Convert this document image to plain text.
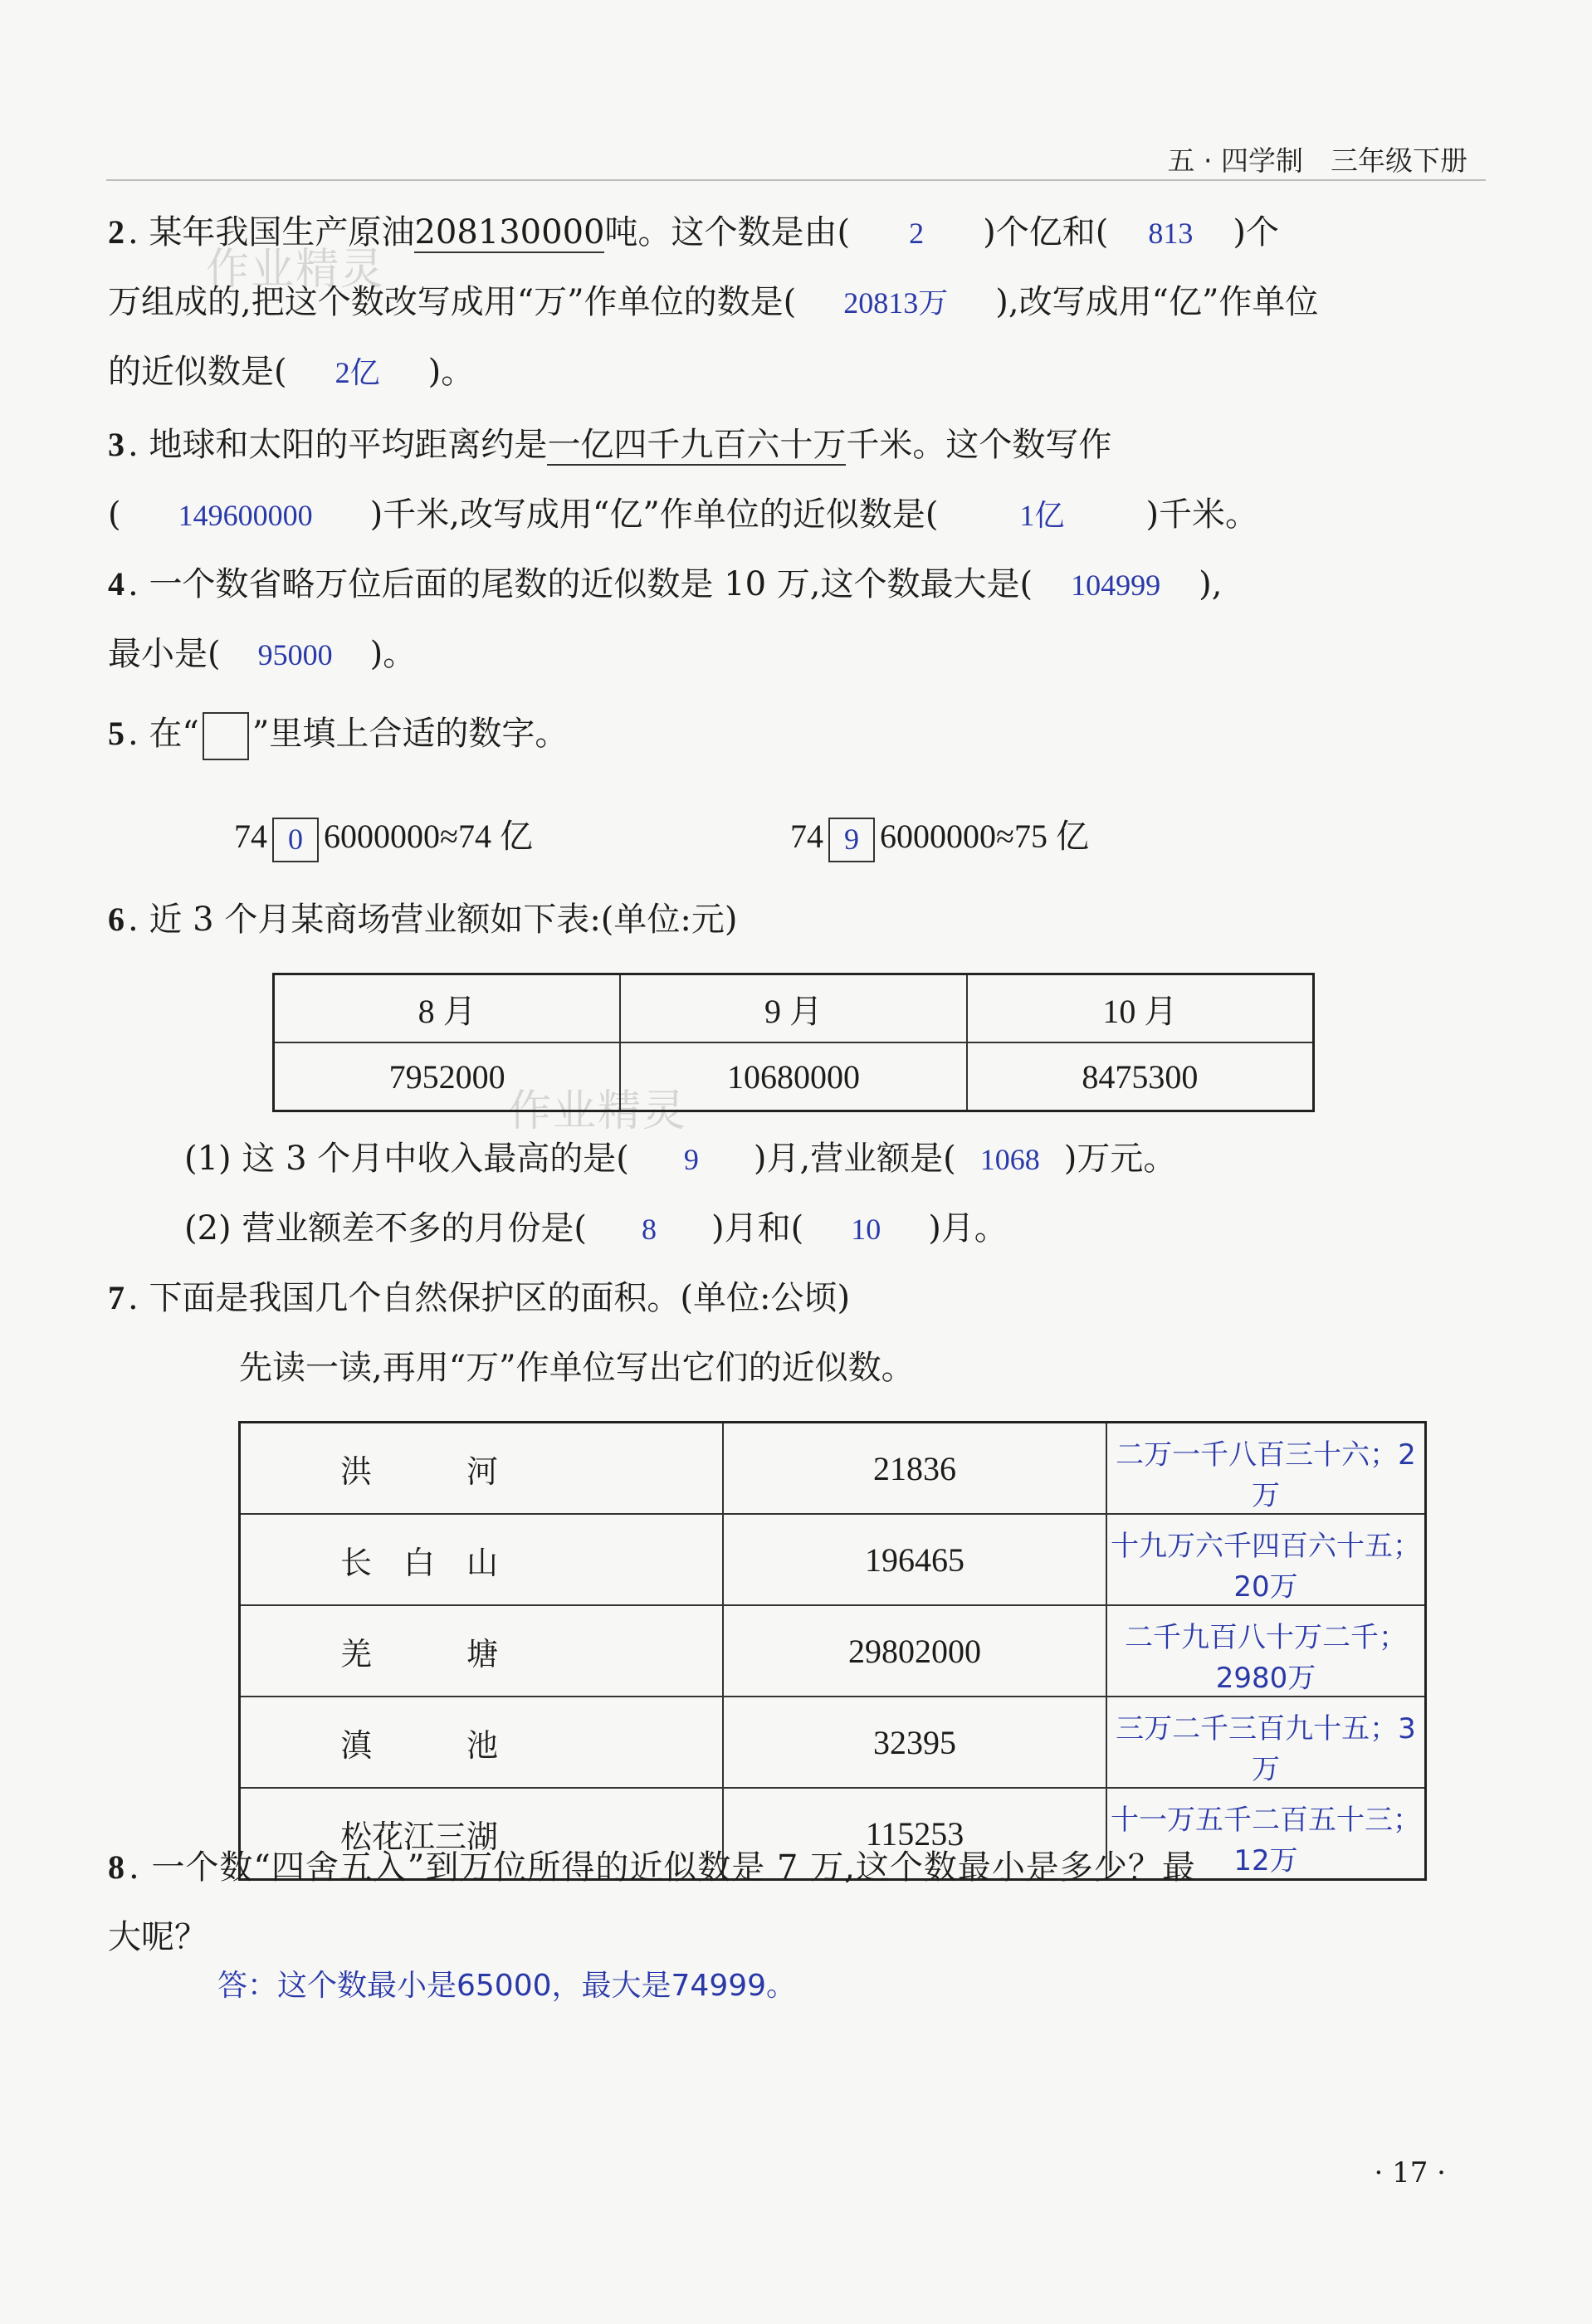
五 · 四学制　三年级下册
作业精灵
作业精灵
2 . 某年我国生产原油208130000吨。这个数是由( 2 )个亿和( 813 )个
万组成的,把这个数改写成用“万”作单位的数是( 20813万 ),改写成用“亿”作单位
的近似数是( 2亿 )。
3 . 地球和太阳的平均距离约是一亿四千九百六十万千米。这个数写作
( 149600000 )千米,改写成用“亿”作单位的近似数是(	1亿 )千米。
4 . 一个数省略万位后面的尾数的近似数是 10 万,这个数最大是( 104999 ),
最小是( 95000 )。
5 . 在“ ”里填上合适的数字。
74 0 6000000≈74 亿	74 9 6000000≈75 亿
6 . 近 3 个月某商场营业额如下表:(单位:元)
8 月	9 月	10 月
7952000	10680000	8475300
(1) 这 3 个月中收入最高的是( 9 )月,营业额是( 1068 )万元。
(2) 营业额差不多的月份是( 8 )月和( 10 )月。
7 . 下面是我国几个自然保护区的面积。(单位:公顷)
先读一读,再用“万”作单位写出它们的近似数。
洪　　　河	21836	二万一千八百三十六；2万
长　白　山	196465	十九万六千四百六十五；20万
羌　　　塘	29802000	二千九百八十万二千；2980万
滇　　　池	32395	三万二千三百九十五；3万
松花江三湖	115253	十一万五千二百五十三；12万
8 . 一个数“四舍五入”到万位所得的近似数是 7 万,这个数最小是多少？最
大呢？
答：这个数最小是65000，最大是74999。
· 17 ·
